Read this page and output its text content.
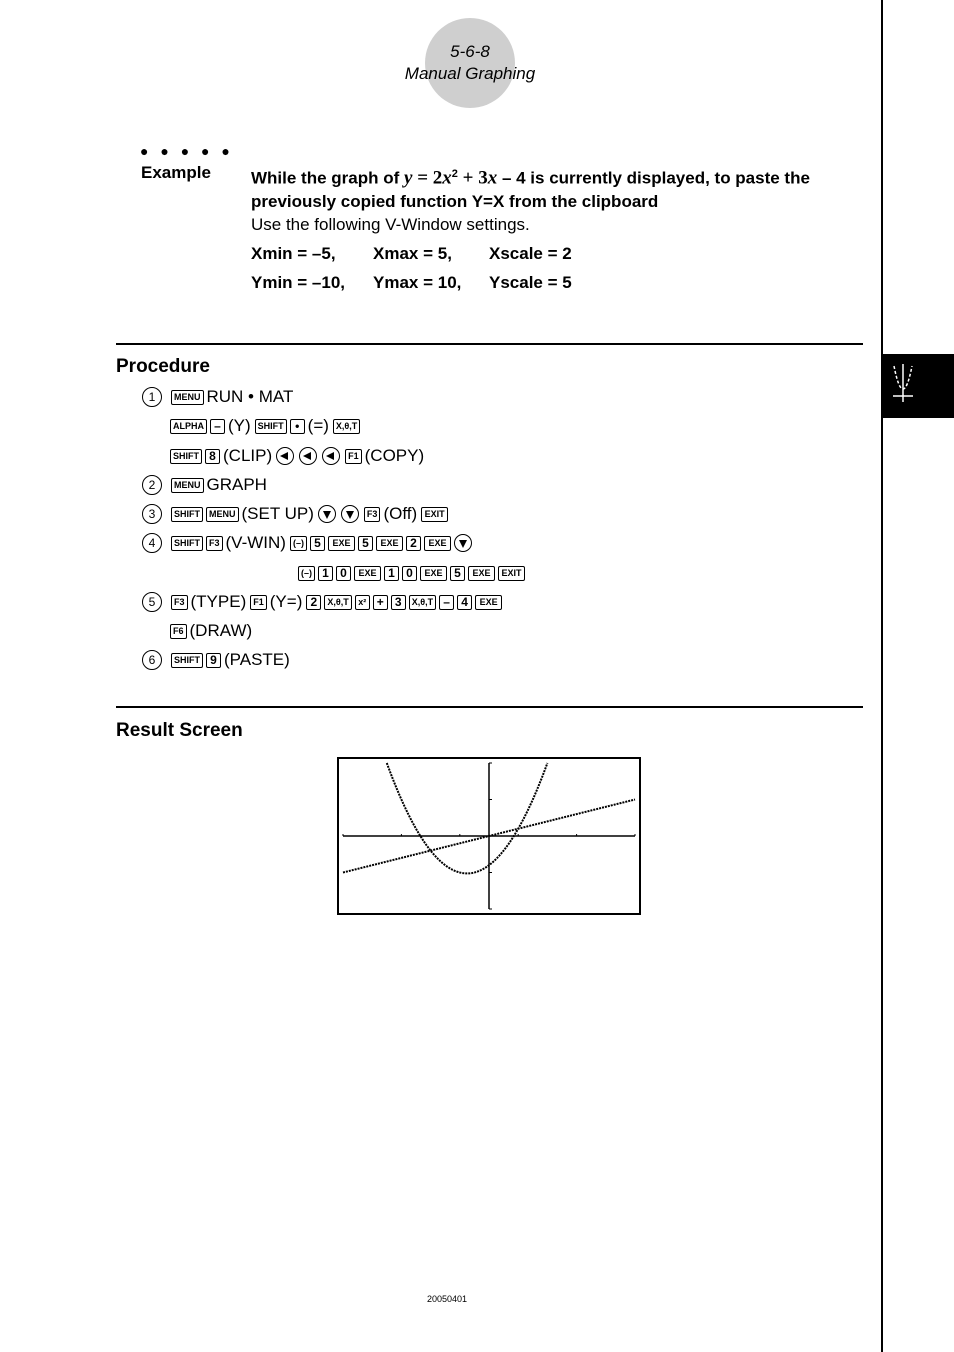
5-6-8
Manual Graphing
● ● ● ● ●
Example While the graph of $y = 2x^2 + 3x - 4$ is currently displayed, to paste the previously copied function Y=X from the clipboard
Use the following V-Window settings.
Xmin = –5, Xmax = 5, Xscale = 2
Ymin = –10, Ymax = 10, Yscale = 5
Procedure
1	MENU RUN • MAT
ALPHA – (Y) SHIFT • (=) X,θ,T
SHIFT 8 (CLIP)	F1 (COPY)
2	MENU GRAPH
3	SHIFT	MENU (SET UP)	F3 (Off) EXIT
4	SHIFT	F3 (V-WIN) (–) 5	EXE 5	EXE 2	EXE
(–) 1 0	EXE 1 0	EXE 5	EXE	EXIT
5	F3 (TYPE) F1 (Y=) 2	X,θ,T	x² + 3	X,θ,T – 4	EXE
F6 (DRAW)
6	SHIFT 9 (PASTE)
Result Screen
20050401
